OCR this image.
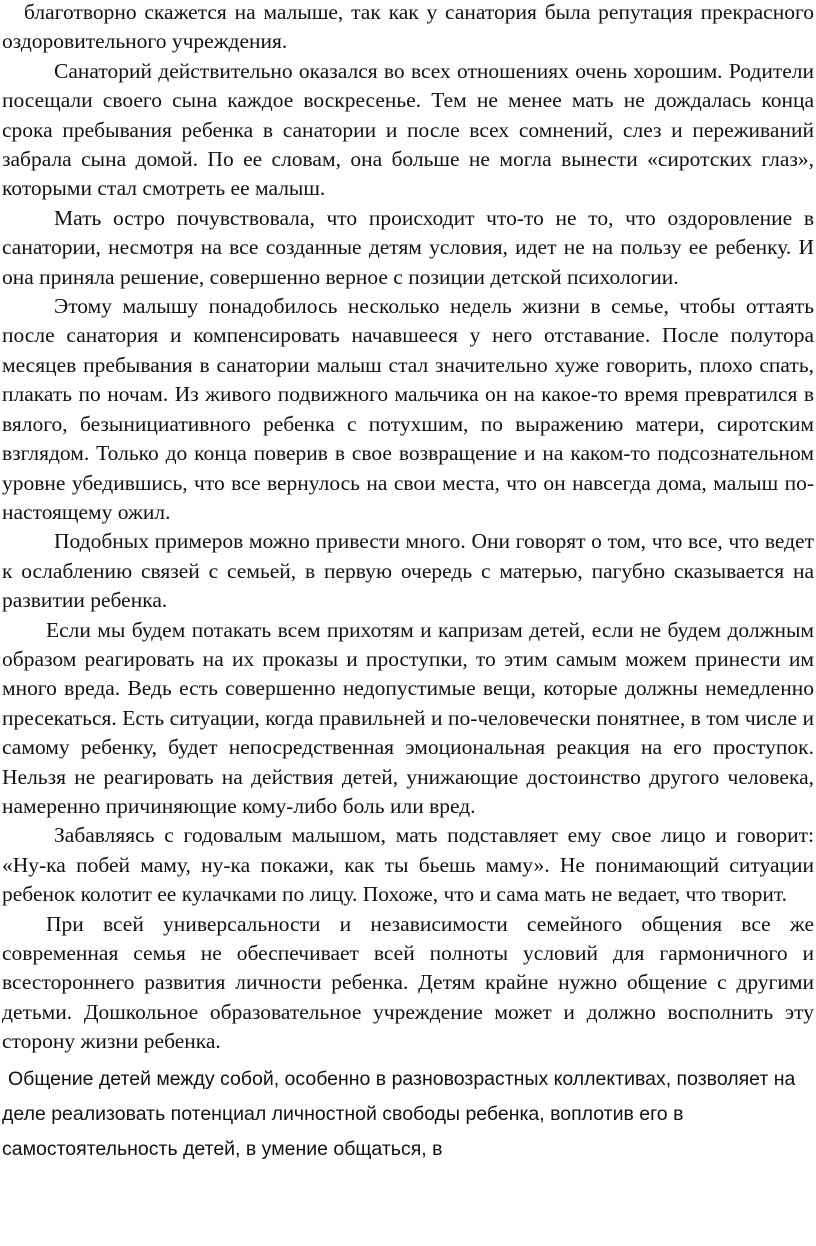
благотворно скажется на малыше, так как у санатория была репутация прекрасного оздоровительного учреждения.

Санаторий действительно оказался во всех отношениях очень хорошим. Родители посещали своего сына каждое воскресенье. Тем не менее мать не дождалась конца срока пребывания ребенка в санатории и после всех сомнений, слез и переживаний забрала сына домой. По ее словам, она больше не могла вынести «сиротских глаз», которыми стал смотреть ее малыш.

Мать остро почувствовала, что происходит что-то не то, что оздоровление в санатории, несмотря на все созданные детям условия, идет не на пользу ее ребенку. И она приняла решение, совершенно верное с позиции детской психологии.

Этому малышу понадобилось несколько недель жизни в семье, чтобы оттаять после санатория и компенсировать начавшееся у него отставание. После полутора месяцев пребывания в санатории малыш стал значительно хуже говорить, плохо спать, плакать по ночам. Из живого подвижного мальчика он на какое-то время превратился в вялого, безынициативного ребенка с потухшим, по выражению матери, сиротским взглядом. Только до конца поверив в свое возвращение и на каком-то подсознательном уровне убедившись, что все вернулось на свои места, что он навсегда дома, малыш по-настоящему ожил.

Подобных примеров можно привести много. Они говорят о том, что все, что ведет к ослаблению связей с семьей, в первую очередь с матерью, пагубно сказывается на развитии ребенка.

Если мы будем потакать всем прихотям и капризам детей, если не будем должным образом реагировать на их проказы и проступки, то этим самым можем принести им много вреда. Ведь есть совершенно недопустимые вещи, которые должны немедленно пресекаться. Есть ситуации, когда правильней и по-человечески понятнее, в том числе и самому ребенку, будет непосредственная эмоциональная реакция на его проступок. Нельзя не реагировать на действия детей, унижающие достоинство другого человека, намеренно причиняющие кому-либо боль или вред.

Забавляясь с годовалым малышом, мать подставляет ему свое лицо и говорит: «Ну-ка побей маму, ну-ка покажи, как ты бьешь маму». Не понимающий ситуации ребенок колотит ее кулачками по лицу. Похоже, что и сама мать не ведает, что творит.

При всей универсальности и независимости семейного общения все же современная семья не обеспечивает всей полноты условий для гармоничного и всестороннего развития личности ребенка. Детям крайне нужно общение с другими детьми. Дошкольное образовательное учреждение может и должно восполнить эту сторону жизни ребенка.

Общение детей между собой, особенно в разновозрастных коллективах, позволяет на деле реализовать потенциал личностной свободы ребенка, воплотив его в самостоятельность детей, в умение общаться, в
